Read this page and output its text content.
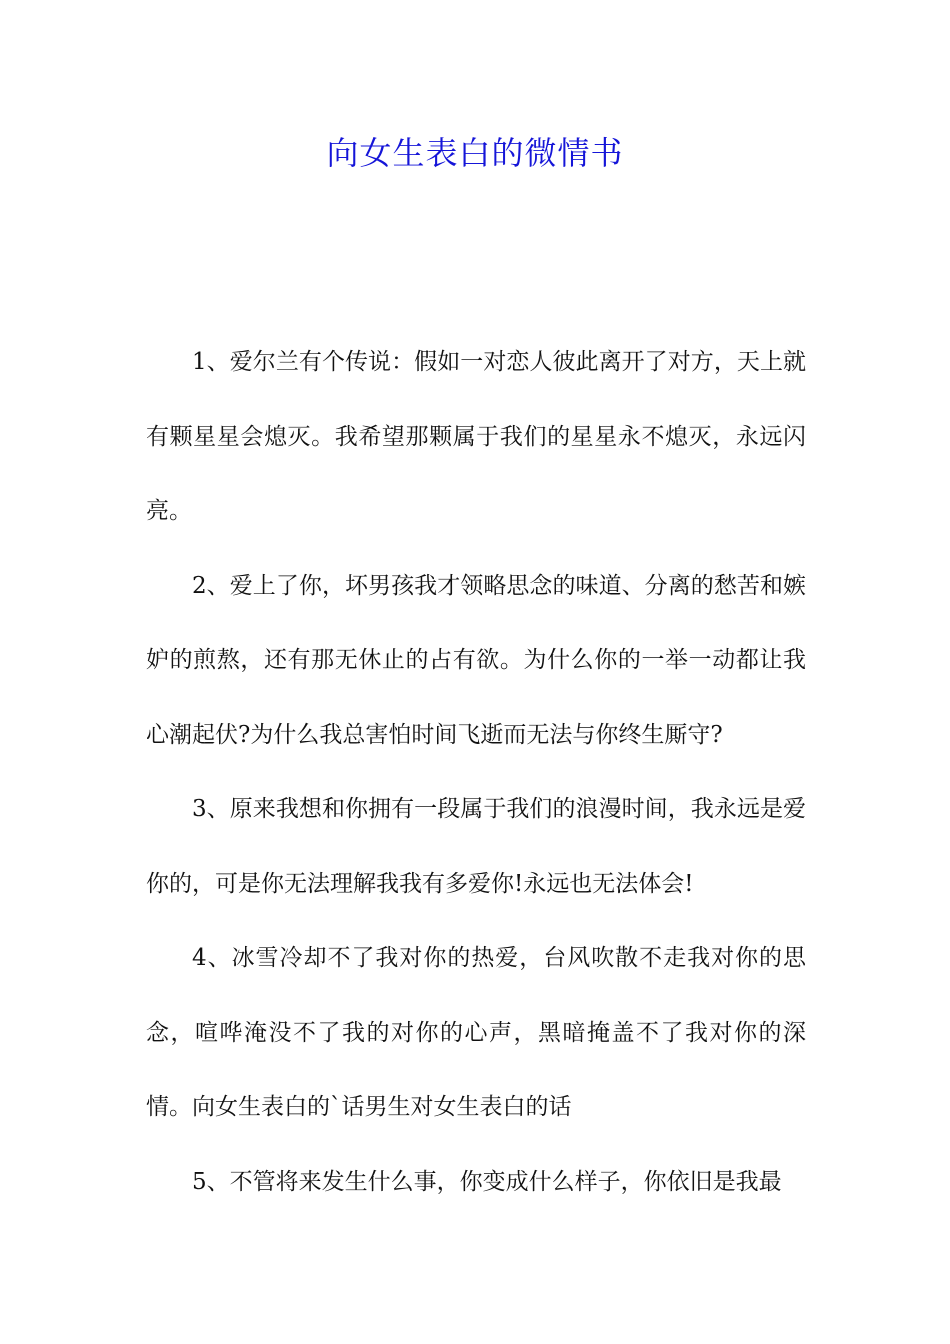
向女生表白的微情书

1、爱尔兰有个传说：假如一对恋人彼此离开了对方，天上就有颗星星会熄灭。我希望那颗属于我们的星星永不熄灭，永远闪亮。

2、爱上了你，坏男孩我才领略思念的味道、分离的愁苦和嫉妒的煎熬，还有那无休止的占有欲。为什么你的一举一动都让我心潮起伏?为什么我总害怕时间飞逝而无法与你终生厮守?

3、原来我想和你拥有一段属于我们的浪漫时间，我永远是爱你的，可是你无法理解我我有多爱你!永远也无法体会!

4、冰雪冷却不了我对你的热爱，台风吹散不走我对你的思念，喧哗淹没不了我的对你的心声，黑暗掩盖不了我对你的深情。向女生表白的`话男生对女生表白的话

5、不管将来发生什么事，你变成什么样子，你依旧是我最
